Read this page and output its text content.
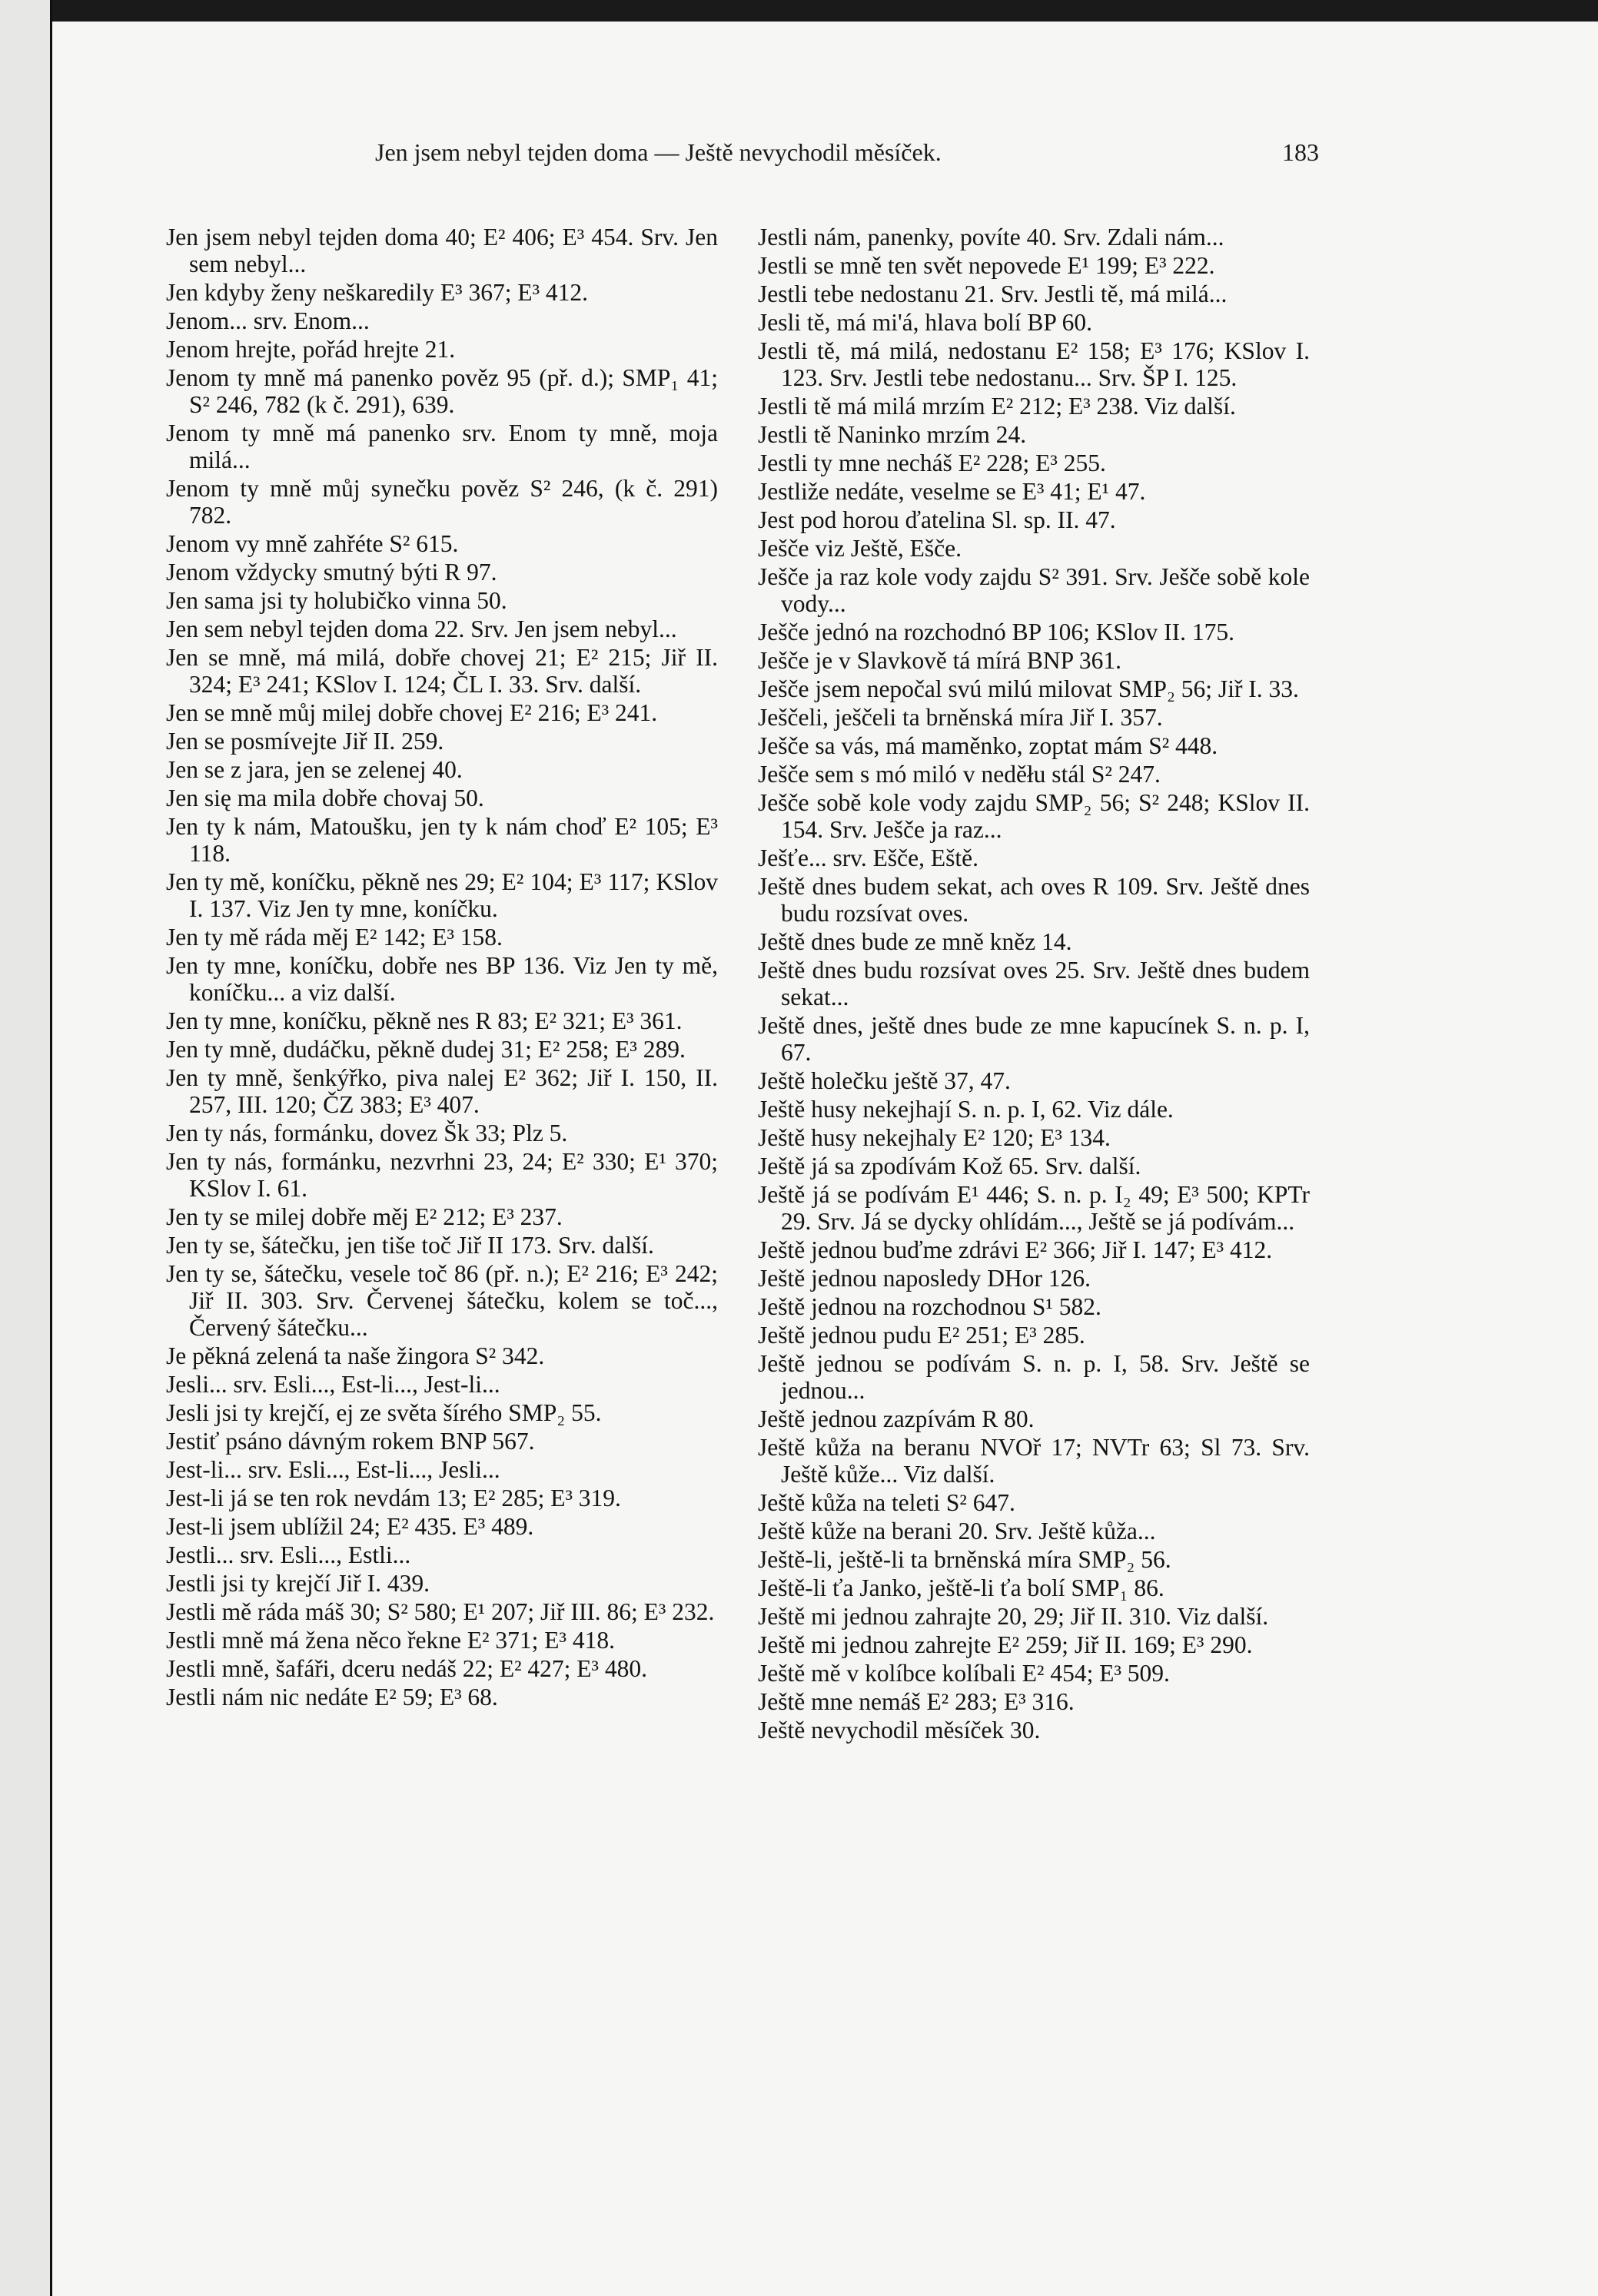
Jen jsem nebyl tejden doma — Ještě nevychodil měsíček.	183
Jen jsem nebyl tejden doma 40; E² 406; E³ 454. Srv. Jen sem nebyl...
Jen kdyby ženy neškaredily E³ 367; E³ 412.
Jenom... srv. Enom...
Jenom hrejte, pořád hrejte 21.
Jenom ty mně má panenko pověz 95 (př. d.); SMP₁ 41; S² 246, 782 (k č. 291), 639.
Jenom ty mně má panenko srv. Enom ty mně, moja milá...
Jenom ty mně můj synečku pověz S² 246, (k č. 291) 782.
Jenom vy mně zahřéte S² 615.
Jenom vždycky smutný býti R 97.
Jen sama jsi ty holubičko vinna 50.
Jen sem nebyl tejden doma 22. Srv. Jen jsem nebyl...
Jen se mně, má milá, dobře chovej 21; E² 215; Jiř II. 324; E³ 241; KSlov I. 124; ČL I. 33. Srv. další.
Jen se mně můj milej dobře chovej E² 216; E³ 241.
Jen se posmívejte Jiř II. 259.
Jen se z jara, jen se zelenej 40.
Jen się ma mila dobře chovaj 50.
Jen ty k nám, Matoušku, jen ty k nám choď E² 105; E³ 118.
Jen ty mě, koníčku, pěkně nes 29; E² 104; E³ 117; KSlov I. 137. Viz Jen ty mne, koníčku.
Jen ty mě ráda měj E² 142; E³ 158.
Jen ty mne, koníčku, dobře nes BP 136. Viz Jen ty mě, koníčku... a viz další.
Jen ty mne, koníčku, pěkně nes R 83; E² 321; E³ 361.
Jen ty mně, dudáčku, pěkně dudej 31; E² 258; E³ 289.
Jen ty mně, šenkýřko, piva nalej E² 362; Jiř I. 150, II. 257, III. 120; ČZ 383; E³ 407.
Jen ty nás, formánku, dovez Šk 33; Plz 5.
Jen ty nás, formánku, nezvrhni 23, 24; E² 330; E¹ 370; KSlov I. 61.
Jen ty se milej dobře měj E² 212; E³ 237.
Jen ty se, šátečku, jen tiše toč Jiř II 173. Srv. další.
Jen ty se, šátečku, vesele toč 86 (př. n.); E² 216; E³ 242; Jiř II. 303. Srv. Červenej šátečku, kolem se toč..., Červený šátečku...
Je pěkná zelená ta naše žingora S² 342.
Jesli... srv. Esli..., Est-li..., Jest-li...
Jesli jsi ty krejčí, ej ze světa šírého SMP₂ 55.
Jestiť psáno dávným rokem BNP 567.
Jest-li... srv. Esli..., Est-li..., Jesli...
Jest-li já se ten rok nevdám 13; E² 285; E³ 319.
Jest-li jsem ublížil 24; E² 435. E³ 489.
Jestli... srv. Esli..., Estli...
Jestli jsi ty krejčí Jiř I. 439.
Jestli mě ráda máš 30; S² 580; E¹ 207; Jiř III. 86; E³ 232.
Jestli mně má žena něco řekne E² 371; E³ 418.
Jestli mně, šafáři, dceru nedáš 22; E² 427; E³ 480.
Jestli nám nic nedáte E² 59; E³ 68.
Jestli nám, panenky, povíte 40. Srv. Zdali nám...
Jestli se mně ten svět nepovede E¹ 199; E³ 222.
Jestli tebe nedostanu 21. Srv. Jestli tě, má milá...
Jesli tě, má mi'á, hlava bolí BP 60.
Jestli tě, má milá, nedostanu E² 158; E³ 176; KSlov I. 123. Srv. Jestli tebe nedostanu... Srv. ŠP I. 125.
Jestli tě má milá mrzím E² 212; E³ 238. Viz další.
Jestli tě Naninko mrzím 24.
Jestli ty mne necháš E² 228; E³ 255.
Jestliže nedáte, veselme se E³ 41; E¹ 47.
Jest pod horou ďatelina Sl. sp. II. 47.
Ješče viz Ještě, Ešče.
Ješče ja raz kole vody zajdu S² 391. Srv. Ješče sobě kole vody...
Ješče jednó na rozchodnó BP 106; KSlov II. 175.
Ješče je v Slavkově tá mírá BNP 361.
Ješče jsem nepočal svú milú milovat SMP₂ 56; Jiř I. 33.
Ješčeli, ješčeli ta brněnská míra Jiř I. 357.
Ješče sa vás, má maměnko, zoptat mám S² 448.
Ješče sem s mó miló v neděłu stál S² 247.
Ješče sobě kole vody zajdu SMP₂ 56; S² 248; KSlov II. 154. Srv. Ješče ja raz...
Ješťe... srv. Ešče, Eště.
Ještě dnes budem sekat, ach oves R 109. Srv. Ještě dnes budu rozsívat oves.
Ještě dnes bude ze mně kněz 14.
Ještě dnes budu rozsívat oves 25. Srv. Ještě dnes budem sekat...
Ještě dnes, ještě dnes bude ze mne kapucínek S. n. p. I, 67.
Ještě holečku ještě 37, 47.
Ještě husy nekejhají S. n. p. I, 62. Viz dále.
Ještě husy nekejhaly E² 120; E³ 134.
Ještě já sa zpodívám Kož 65. Srv. další.
Ještě já se podívám E¹ 446; S. n. p. I₂ 49; E³ 500; KPTr 29. Srv. Já se dycky ohlídám..., Ještě se já podívám...
Ještě jednou buďme zdrávi E² 366; Jiř I. 147; E³ 412.
Ještě jednou naposledy DHor 126.
Ještě jednou na rozchodnou S¹ 582.
Ještě jednou pudu E² 251; E³ 285.
Ještě jednou se podívám S. n. p. I, 58. Srv. Ještě se jednou...
Ještě jednou zazpívám R 80.
Ještě kůža na beranu NVOř 17; NVTr 63; Sl 73. Srv. Ještě kůže... Viz další.
Ještě kůža na teleti S² 647.
Ještě kůže na berani 20. Srv. Ještě kůža...
Ještě-li, ještě-li ta brněnská míra SMP₂ 56.
Ještě-li ťa Janko, ještě-li ťa bolí SMP₁ 86.
Ještě mi jednou zahrajte 20, 29; Jiř II. 310. Viz další.
Ještě mi jednou zahrejte E² 259; Jiř II. 169; E³ 290.
Ještě mě v kolíbce kolíbali E² 454; E³ 509.
Ještě mne nemáš E² 283; E³ 316.
Ještě nevychodil měsíček 30.
